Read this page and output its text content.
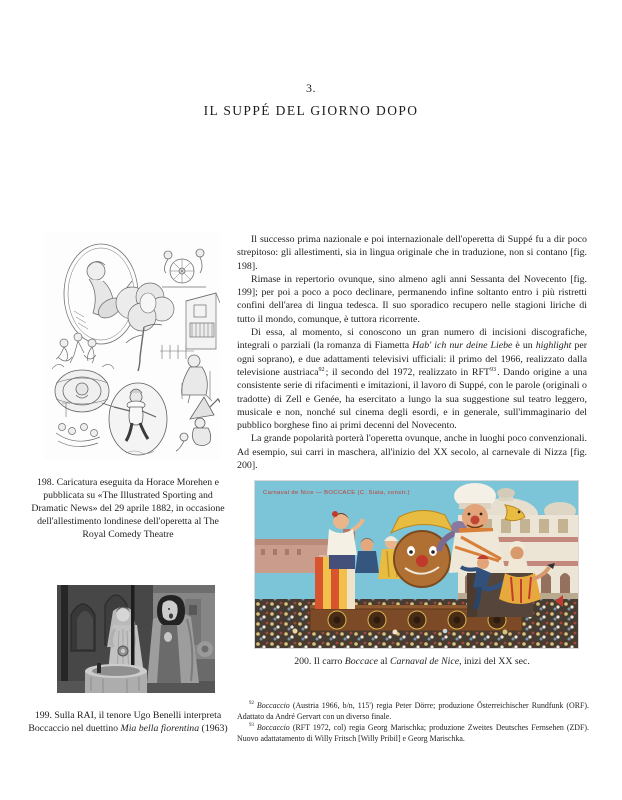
3.
IL SUPPÉ DEL GIORNO DOPO

198. Caricatura eseguita da Horace Morehen e pubblicata su «The Illustrated Sporting and Dramatic News» del 29 aprile 1882, in occasione dell'allestimento londinese dell'operetta al The Royal Comedy Theatre

199. Sulla RAI, il tenore Ugo Benelli interpreta Boccaccio nel duettino Mia bella fiorentina (1963)

Il successo prima nazionale e poi internazionale dell'operetta di Suppé fu a dir poco strepitoso: gli allestimenti, sia in lingua originale che in traduzione, non si contano [fig. 198].

Rimase in repertorio ovunque, sino almeno agli anni Sessanta del Novecento [fig. 199]; per poi a poco a poco declinare, permanendo infine soltanto entro i più ristretti confini dell'area di lingua tedesca. Il suo sporadico recupero nelle stagioni liriche di tutto il mondo, comunque, è tuttora ricorrente.

Di essa, al momento, si conoscono un gran numero di incisioni discografiche, integrali o parziali (la romanza di Fiametta Hab' ich nur deine Liebe è un highlight per ogni soprano), e due adattamenti televisivi ufficiali: il primo del 1966, realizzato dalla televisione austriaca$^{92}$; il secondo del 1972, realizzato in RFT$^{93}$. Dando origine a una consistente serie di rifacimenti e imitazioni, il lavoro di Suppé, con le parole (originali o tradotte) di Zell e Genée, ha esercitato a lungo la sua suggestione sul teatro leggero, musicale e non, nonché sul cinema degli esordi, e in generale, sull'immaginario del pubblico borghese fino ai primi decenni del Novecento.

La grande popolarità porterà l'operetta ovunque, anche in luoghi poco convenzionali. Ad esempio, sui carri in maschera, all'inizio del XX secolo, al carnevale di Nizza [fig. 200].

Carnaval de Nice — BOCCACE (C. Siata, constr.)

200. Il carro Boccace al Carnaval de Nice, inizi del XX sec.

$^{92}$ Boccaccio (Austria 1966, b/n, 115') regia Peter Dörre; produzione Österreichischer Rundfunk (ORF). Adattato da André Gervart con un diverso finale.

$^{93}$ Boccaccio (RFT 1972, col) regia Georg Marischka; produzione Zweites Deutsches Fernsehen (ZDF). Nuovo adattatamento di Willy Fritsch [Willy Pribil] e Georg Marischka.
